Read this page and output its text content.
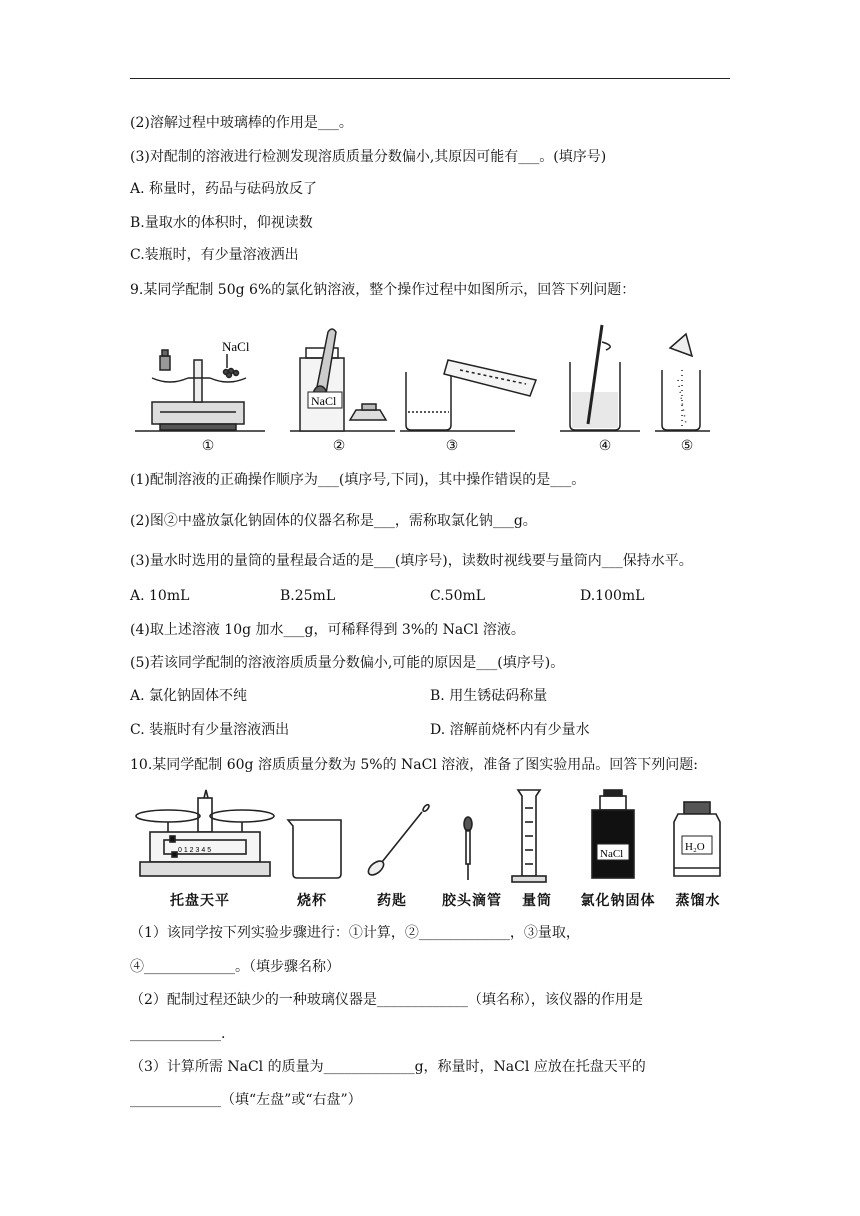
(2)溶解过程中玻璃棒的作用是___。
(3)对配制的溶液进行检测发现溶质质量分数偏小,其原因可能有___。(填序号)
A. 称量时，药品与砝码放反了
B.量取水的体积时，仰视读数
C.装瓶时，有少量溶液洒出
9.某同学配制 50g 6%的氯化钠溶液，整个操作过程中如图所示，回答下列问题：
NaCl
NaCl
①	②	③	④	⑤
(1)配制溶液的正确操作顺序为___(填序号,下同)，其中操作错误的是___。
(2)图②中盛放氯化钠固体的仪器名称是___，需称取氯化钠___g。
(3)量水时选用的量筒的量程最合适的是___(填序号)，读数时视线要与量筒内___保持水平。
A. 10mL	B.25mL	C.50mL	D.100mL
(4)取上述溶液 10g 加水___g，可稀释得到 3%的 NaCl 溶液。
(5)若该同学配制的溶液溶质质量分数偏小,可能的原因是___(填序号)。
A. 氯化钠固体不纯	B. 用生锈砝码称量
C. 装瓶时有少量溶液洒出	D. 溶解前烧杯内有少量水
10.某同学配制 60g 溶质质量分数为 5%的 NaCl 溶液，准备了图实验用品。回答下列问题:
0 1 2 3 4 5	NaCl
H₂O
托盘天平	烧杯	药匙	胶头滴管	量筒	氯化钠固体	蒸馏水
（1）该同学按下列实验步骤进行：①计算，②_____________，③量取，
④_____________。（填步骤名称）
（2）配制过程还缺少的一种玻璃仪器是_____________（填名称），该仪器的作用是
_____________.
（3）计算所需 NaCl 的质量为_____________g，称量时，NaCl 应放在托盘天平的
_____________（填“左盘”或“右盘”）
